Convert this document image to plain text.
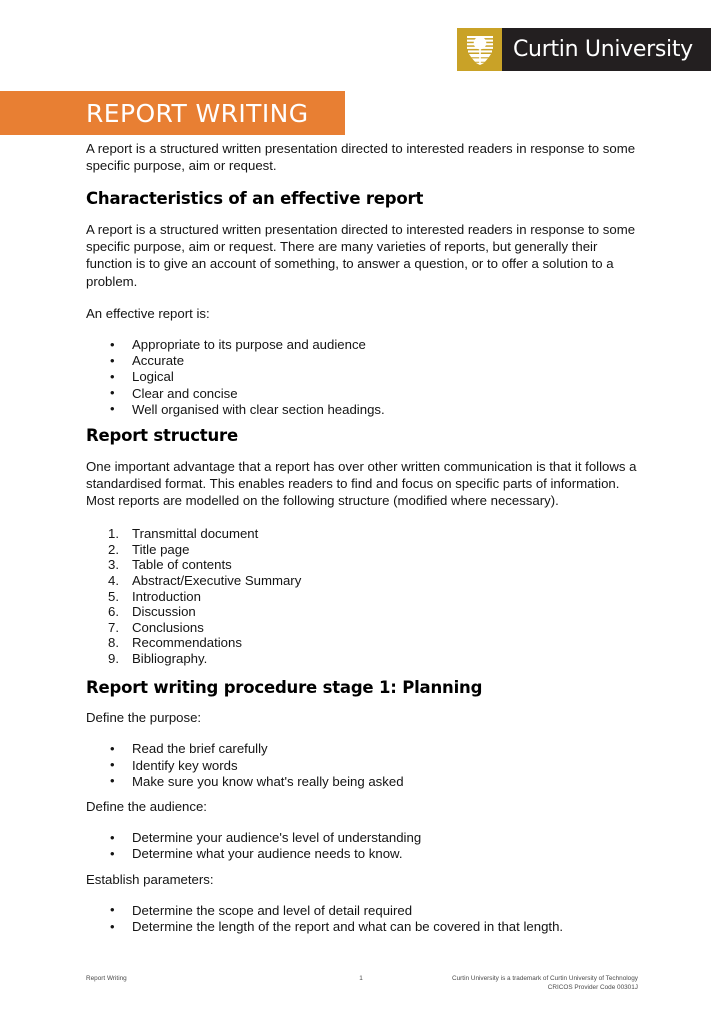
Curtin University
REPORT WRITING

A report is a structured written presentation directed to interested readers in response to some specific purpose, aim or request.

Characteristics of an effective report

A report is a structured written presentation directed to interested readers in response to some specific purpose, aim or request. There are many varieties of reports, but generally their function is to give an account of something, to answer a question, or to offer a solution to a problem.

An effective report is:

• Appropriate to its purpose and audience
• Accurate
• Logical
• Clear and concise
• Well organised with clear section headings.
Report structure

One important advantage that a report has over other written communication is that it follows a standardised format. This enables readers to find and focus on specific parts of information. Most reports are modelled on the following structure (modified where necessary).

Transmittal document
Title page
Table of contents
Abstract/Executive Summary
Introduction
Discussion
Conclusions
Recommendations
Bibliography.
Report writing procedure stage 1: Planning

Define the purpose:

• Read the brief carefully
• Identify key words
• Make sure you know what's really being asked

Define the audience:

• Determine your audience's level of understanding
• Determine what your audience needs to know.

Establish parameters:

• Determine the scope and level of detail required
• Determine the length of the report and what can be covered in that length.
Report Writing	1	Curtin University is a trademark of Curtin University of Technology
CRICOS Provider Code 00301J
